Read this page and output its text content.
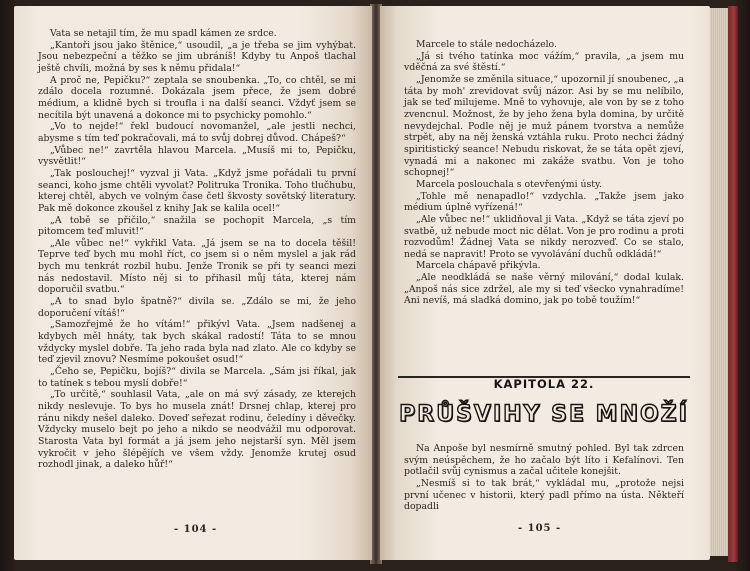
Vata se netajil tím, že mu spadl kámen ze srdce.

„Kantoři jsou jako štěnice,“ usoudil, „a je třeba se jim vyhýbat. Jsou nebezpeční a těžko se jim ubráníš! Kdyby tu Anpoš tlachal ještě chvíli, možná by ses k němu přidala!“

A proč ne, Pepičku?“ zeptala se snoubenka. „To, co chtěl, se mi zdálo docela rozumné. Dokázala jsem přece, že jsem dobré médium, a klidně bych si troufla i na další seanci. Vždyť jsem se necítila být unavená a dokonce mi to psychicky pomohlo.“

„Vo to nejde!“ řekl budoucí novomanžel, „ale jestli nechci, abysme s tím teď pokračovali, má to svůj dobrej důvod. Chápeš?“

„Vůbec ne!“ zavrtěla hlavou Marcela. „Musíš mi to, Pepičku, vysvětlit!“

„Tak poslouchej!“ vyzval ji Vata. „Když jsme pořádali tu první seanci, koho jsme chtěli vyvolat? Politruka Tronika. Toho tlučhubu, kterej chtěl, abych ve volným čase četl škvosty sovětský literatury. Pak mě dokonce zkoušel z knihy Jak se kalila ocel!“

„A tobě se přičilo,“ snažila se pochopit Marcela, „s tím pitomcem teď mluvit!“

„Ale vůbec ne!“ vykřikl Vata. „Já jsem se na to docela těšil! Teprve teď bych mu mohl říct, co jsem si o něm myslel a jak rád bych mu tenkrát rozbil hubu. Jenže Tronik se při ty seanci mezi nás nedostavil. Místo něj si to přihasil můj táta, kterej nám doporučil svatbu.“

„A to snad bylo špatně?“ divila se. „Zdálo se mi, že jeho doporučení vítáš!“

„Samozřejmě že ho vítám!“ přikývl Vata. „Jsem nadšenej a kdybych měl hnáty, tak bych skákal radostí! Táta to se mnou vždycky myslel dobře. Ta jeho rada byla nad zlato. Ale co kdyby se teď zjevil znovu? Nesmíme pokoušet osud!“

„Čeho se, Pepičku, bojíš?“ divila se Marcela. „Sám jsi říkal, jak to tatínek s tebou myslí dobře!“

„To určitě,“ souhlasil Vata, „ale on má svý zásady, ze kterejch nikdy neslevuje. To bys ho musela znát! Drsnej chlap, kterej pro ránu nikdy nešel daleko. Doveď seřezat rodinu, čeledíny i děvečky. Vždycky muselo bejt po jeho a nikdo se neodvážil mu odporovat. Starosta Vata byl formát a já jsem jeho nejstarší syn. Měl jsem vykročit v jeho šlépějích ve všem vždy. Jenomže krutej osud rozhodl jinak, a daleko hůř!“

- 104 -

Marcele to stále nedocházelo.

„Já si tvého tatínka moc vážím,“ pravila, „a jsem mu vděčná za své štěstí.“

„Jenomže se změnila situace,“ upozornil jí snoubenec, „a táta by moh' zrevidovat svůj názor. Asi by se mu nelíbilo, jak se teď milujeme. Mně to vyhovuje, ale von by se z toho zvencnul. Možnost, že by jeho žena byla domina, by určitě nevydejchal. Podle něj je muž pánem tvorstva a nemůže strpět, aby na něj ženská vztáhla ruku. Proto nechci žádný spiritistický seance! Nebudu riskovat, že se táta opět zjeví, vynadá mi a nakonec mi zakáže svatbu. Von je toho schopnej!“

Marcela poslouchala s otevřenými ústy.

„Tohle mě nenapadlo!“ vzdychla. „Takže jsem jako médium úplně vyřízená!“

„Ale vůbec ne!“ uklidňoval ji Vata. „Když se táta zjeví po svatbě, už nebude moct nic dělat. Von je pro rodinu a proti rozvodům! Žádnej Vata se nikdy nerozveď. Co se stalo, nedá se napravit! Proto se vyvolávání duchů odkládá!“

Marcela chápavě přikývla.

„Ale neodkládá se naše věrný milování,“ dodal kulak. „Anpoš nás sice zdržel, ale my si teď všecko vynahradíme! Ani nevíš, má sladká domino, jak po tobě toužím!“

KAPITOLA 22.
PRŮŠVIHY SE MNOŽÍ

Na Anpoše byl nesmírně smutný pohled. Byl tak zdrcen svým neúspěchem, že ho začalo být líto i Kefalínovi. Ten potlačil svůj cynismus a začal učitele konejšit.

„Nesmíš si to tak brát,“ vykládal mu, „protože nejsi první učenec v historii, který padl přímo na ústa. Někteří dopadli

- 105 -
